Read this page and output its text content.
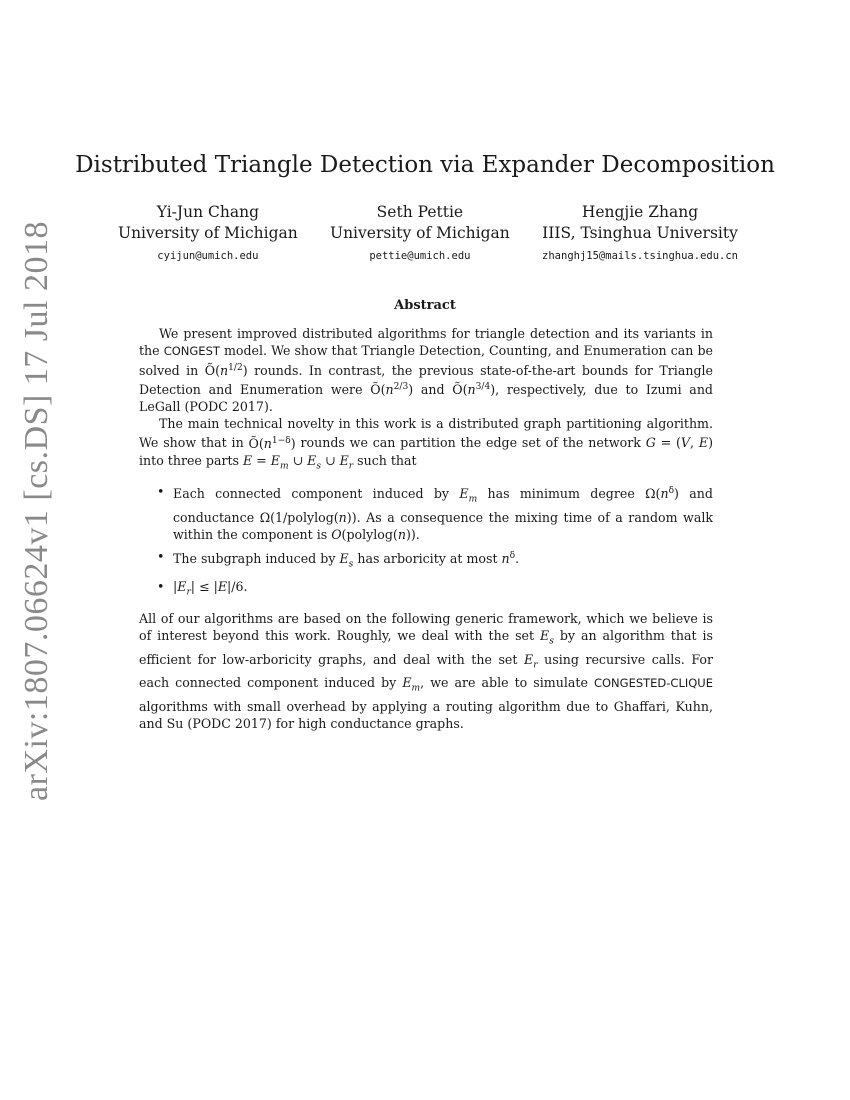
arXiv:1807.06624v1 [cs.DS] 17 Jul 2018
Distributed Triangle Detection via Expander Decomposition
Yi-Jun Chang
University of Michigan
cyijun@umich.edu
Seth Pettie
University of Michigan
pettie@umich.edu
Hengjie Zhang
IIIS, Tsinghua University
zhanghj15@mails.tsinghua.edu.cn
Abstract

We present improved distributed algorithms for triangle detection and its variants in the CONGEST model. We show that Triangle Detection, Counting, and Enumeration can be solved in $Õ(n^{1/2})$ rounds. In contrast, the previous state-of-the-art bounds for Triangle Detection and Enumeration were $Õ(n^{2/3})$ and $Õ(n^{3/4})$, respectively, due to Izumi and LeGall (PODC 2017).

The main technical novelty in this work is a distributed graph partitioning algorithm. We show that in $Õ(n^{1-\delta})$ rounds we can partition the edge set of the network G = (V, E) into three parts $E = E_m$ ∪ $E_s$ ∪ $E_r$ such that

• Each connected component induced by $E_m$ has minimum degree $\Omega(n^\delta)$ and conductance Ω(1/polylog(n)). As a consequence the mixing time of a random walk within the component is O(polylog(n)).
• The subgraph induced by $E_s$ has arboricity at most $n^\delta$.
• $|E_r| \le |E|/6$.

All of our algorithms are based on the following generic framework, which we believe is of interest beyond this work. Roughly, we deal with the set $E_s$ by an algorithm that is efficient for low-arboricity graphs, and deal with the set $E_r$ using recursive calls. For each connected component induced by $E_m$, we are able to simulate CONGESTED-CLIQUE algorithms with small overhead by applying a routing algorithm due to Ghaffari, Kuhn, and Su (PODC 2017) for high conductance graphs.
